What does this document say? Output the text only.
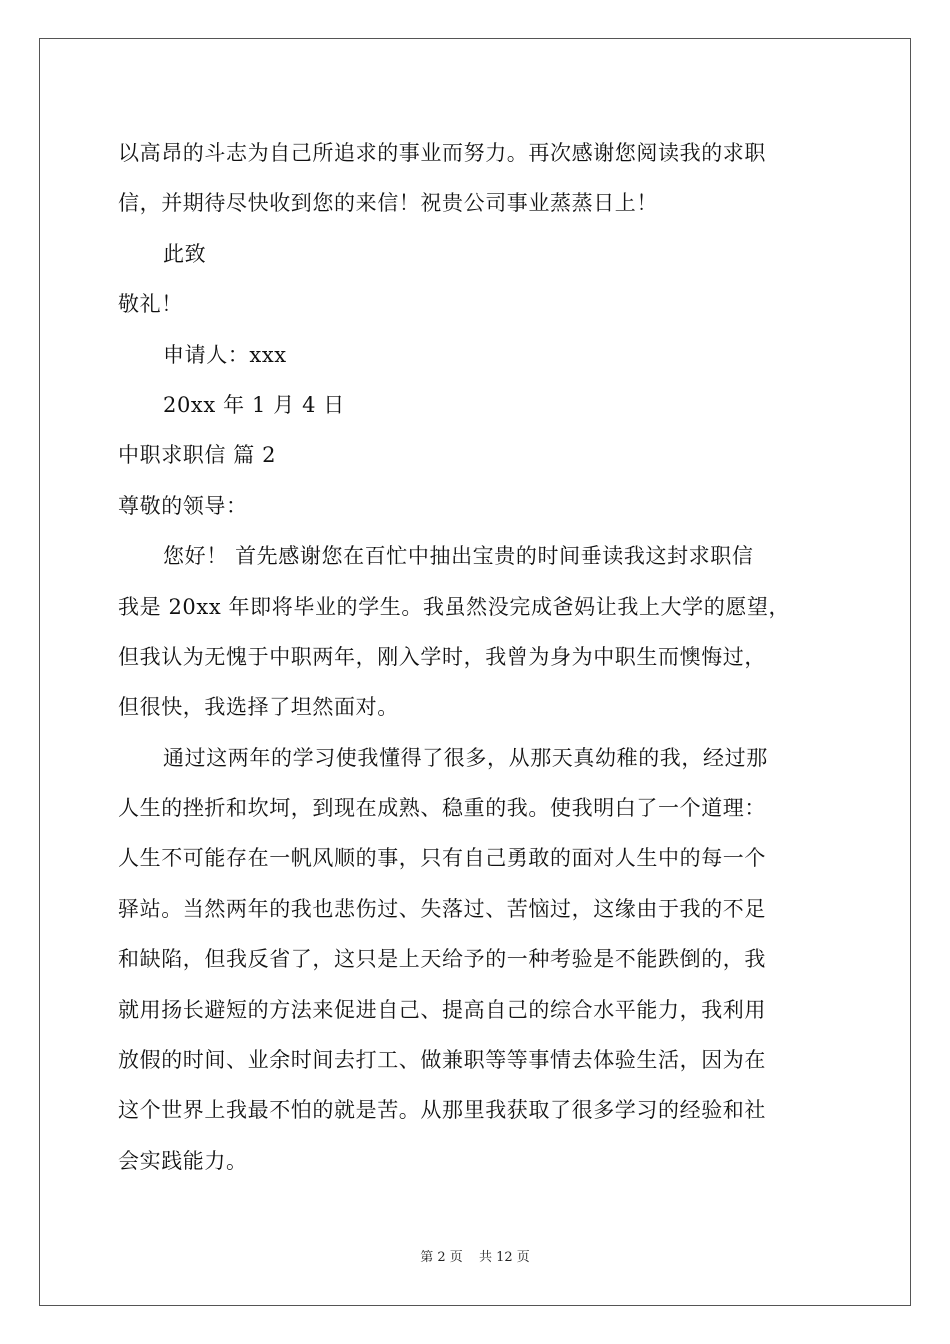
以高昂的斗志为自己所追求的事业而努力。再次感谢您阅读我的求职
信，并期待尽快收到您的来信！祝贵公司事业蒸蒸日上！
此致
敬礼！
申请人：xxx
20xx 年 1 月 4 日
中职求职信 篇 2
尊敬的领导：
您好！ 首先感谢您在百忙中抽出宝贵的时间垂读我这封求职信
我是 20xx 年即将毕业的学生。我虽然没完成爸妈让我上大学的愿望，
但我认为无愧于中职两年，刚入学时，我曾为身为中职生而懊悔过，
但很快，我选择了坦然面对。
通过这两年的学习使我懂得了很多，从那天真幼稚的我，经过那
人生的挫折和坎坷，到现在成熟、稳重的我。使我明白了一个道理：
人生不可能存在一帆风顺的事，只有自己勇敢的面对人生中的每一个
驿站。当然两年的我也悲伤过、失落过、苦恼过，这缘由于我的不足
和缺陷，但我反省了，这只是上天给予的一种考验是不能跌倒的，我
就用扬长避短的方法来促进自己、提高自己的综合水平能力，我利用
放假的时间、业余时间去打工、做兼职等等事情去体验生活，因为在
这个世界上我最不怕的就是苦。从那里我获取了很多学习的经验和社
会实践能力。
第 2 页 共 12 页
